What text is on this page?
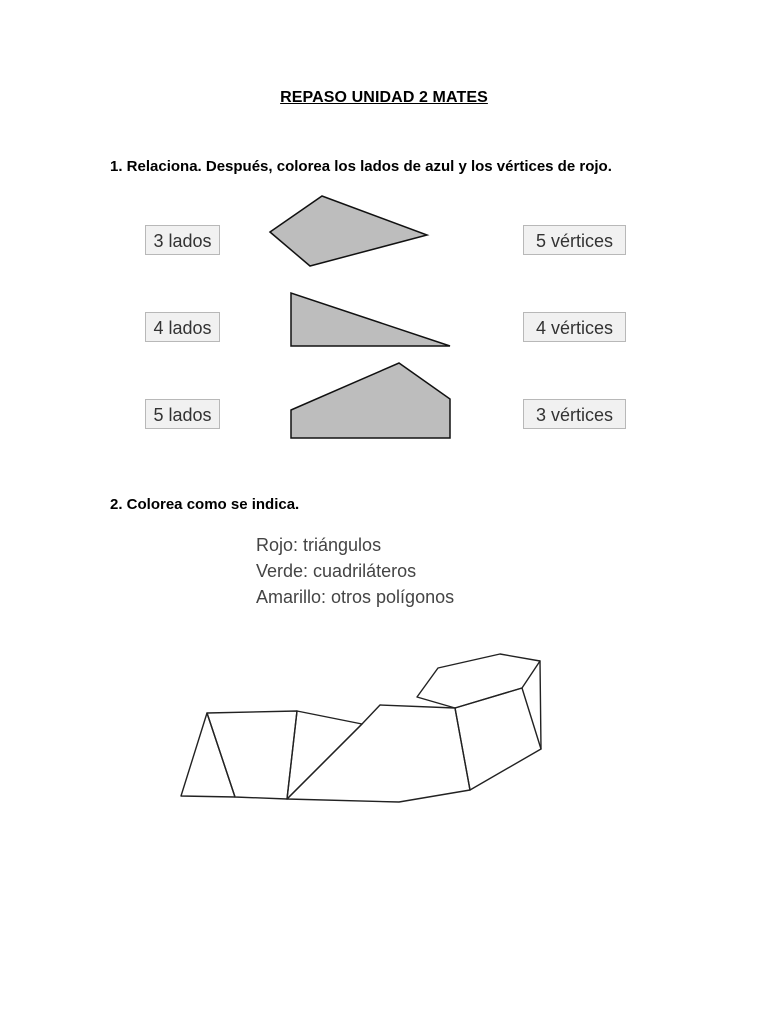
REPASO UNIDAD 2 MATES
1. Relaciona. Después, colorea los lados de azul y los vértices de rojo.
3 lados
4 lados
5 lados
5 vértices
4 vértices
3 vértices
2. Colorea como se indica.
Rojo: triángulos
Verde: cuadriláteros
Amarillo: otros polígonos
